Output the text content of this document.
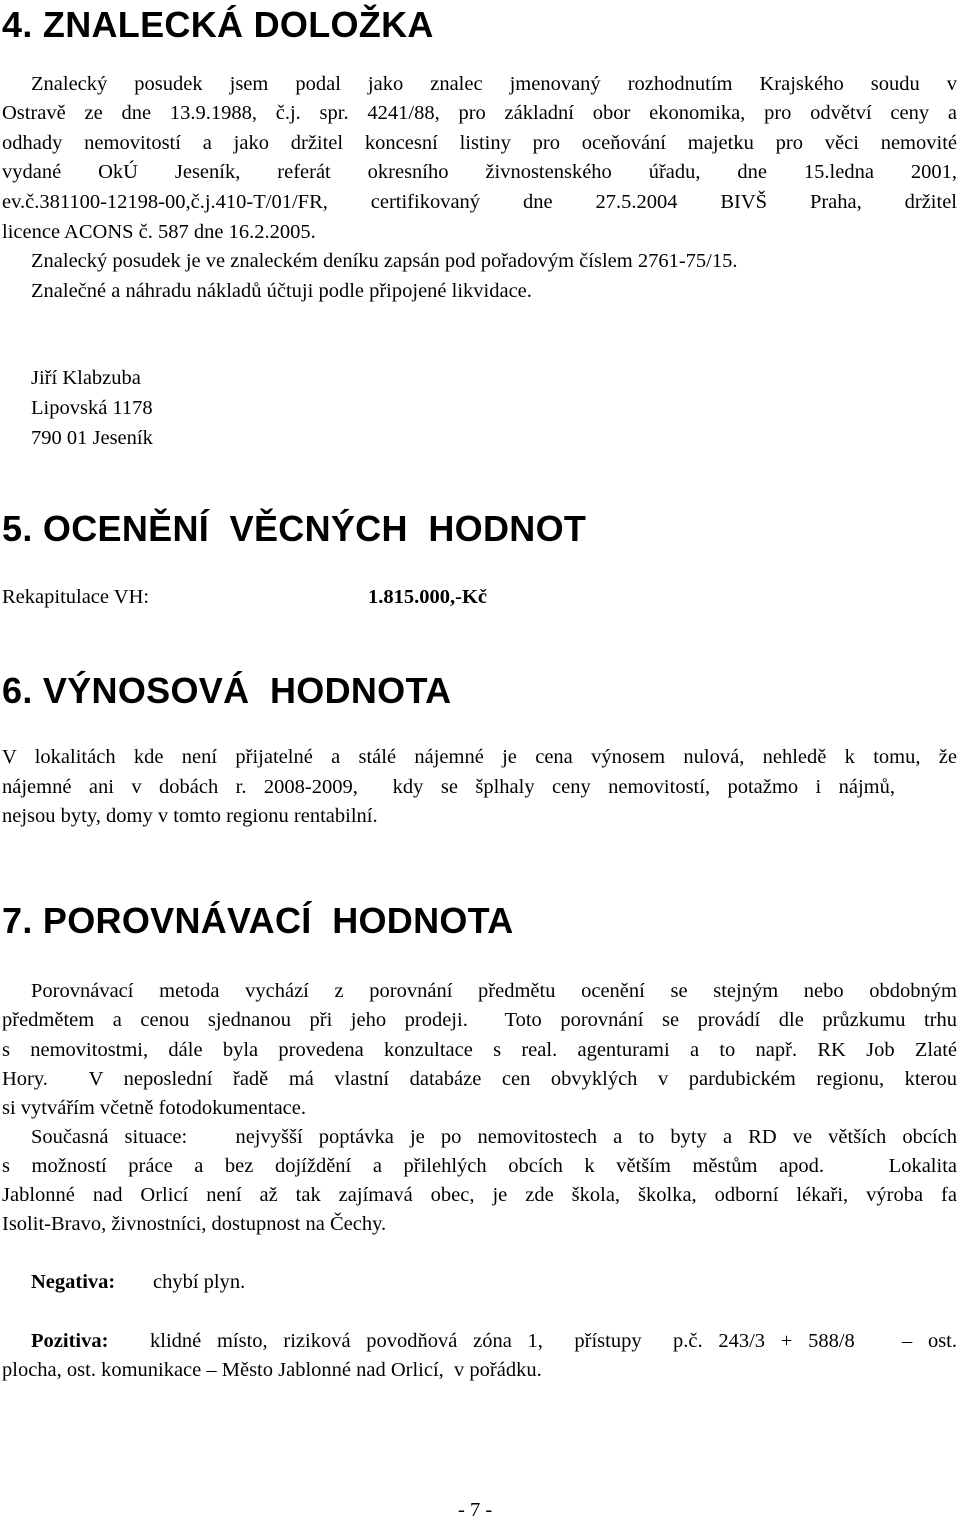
4. ZNALECKÁ DOLOŽKA
Znalecký posudek jsem podal jako znalec jmenovaný rozhodnutím Krajského soudu v
Ostravě ze dne 13.9.1988, č.j. spr. 4241/88, pro základní obor ekonomika, pro odvětví ceny a
odhady nemovitostí a jako držitel koncesní listiny pro oceňování majetku pro věci nemovité
vydané OkÚ Jeseník, referát okresního živnostenského úřadu, dne 15.ledna 2001,
ev.č.381100-12198-00,č.j.410-T/01/FR, certifikovaný dne 27.5.2004 BIVŠ Praha, držitel
licence ACONS č. 587 dne 16.2.2005.
Znalecký posudek je ve znaleckém deníku zapsán pod pořadovým číslem 2761-75/15.
Znalečné a náhradu nákladů účtuji podle připojené likvidace.
Jiří Klabzuba
Lipovská 1178
790 01 Jeseník
5. OCENĚNÍ  VĚCNÝCH  HODNOT
Rekapitulace VH:	1.815.000,-Kč
6. VÝNOSOVÁ  HODNOTA
V lokalitách kde není přijatelné a stálé nájemné je cena výnosem nulová, nehledě k tomu, že
nájemné ani v dobách r. 2008-2009,  kdy se šplhaly ceny nemovitostí, potažmo i nájmů,
nejsou byty, domy v tomto regionu rentabilní.
7. POROVNÁVACÍ  HODNOTA
Porovnávací metoda vychází z porovnání předmětu ocenění se stejným nebo obdobným
předmětem a cenou sjednanou při jeho prodeji.  Toto porovnání se provádí dle průzkumu trhu
s nemovitostmi, dále byla provedena konzultace s real. agenturami a to např. RK Job Zlaté
Hory.  V neposlední řadě má vlastní databáze cen obvyklých v pardubickém regionu, kterou
si vytvářím včetně fotodokumentace.
Současná situace:   nejvyšší poptávka je po nemovitostech a to byty a RD ve větších obcích
s možností práce a bez dojíždění a přilehlých obcích k větším městům apod.   Lokalita
Jablonné nad Orlicí není až tak zajímavá obec, je zde škola, školka, odborní lékaři, výroba fa
Isolit-Bravo, živnostníci, dostupnost na Čechy.
Negativa: chybí plyn.
Pozitiva: klidné místo, riziková povodňová zóna 1,  přístupy  p.č. 243/3 + 588/8   – ost.
plocha, ost. komunikace – Město Jablonné nad Orlicí,  v pořádku.
- 7 -
